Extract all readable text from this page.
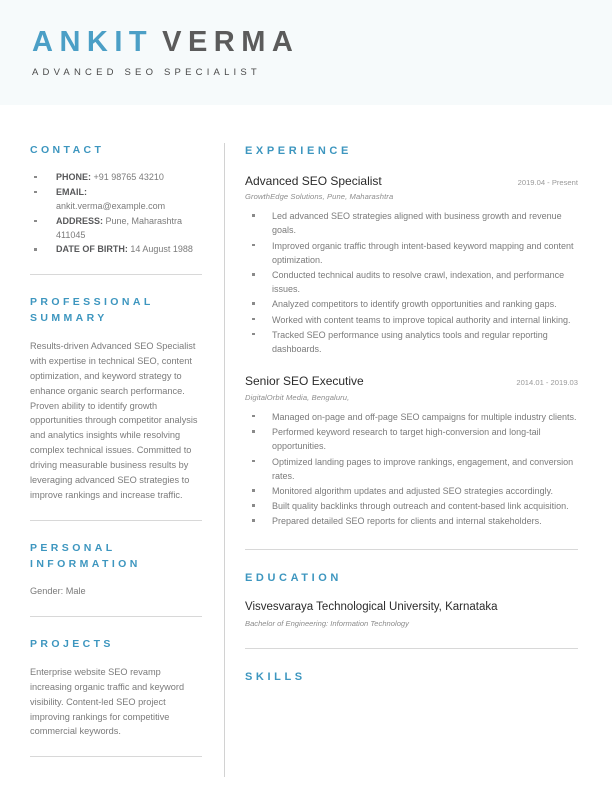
ANKIT VERMA
ADVANCED SEO SPECIALIST
CONTACT
PHONE: +91 98765 43210
EMAIL:
ankit.verma@example.com
ADDRESS: Pune, Maharashtra 411045
DATE OF BIRTH: 14 August 1988
PROFESSIONAL SUMMARY

Results-driven Advanced SEO Specialist with expertise in technical SEO, content optimization, and keyword strategy to enhance organic search performance. Proven ability to identify growth opportunities through competitor analysis and analytics insights while resolving complex technical issues. Committed to driving measurable business results by leveraging advanced SEO strategies to improve rankings and increase traffic.

PERSONAL INFORMATION

Gender: Male

PROJECTS

Enterprise website SEO revamp increasing organic traffic and keyword visibility. Content-led SEO project improving rankings for competitive commercial keywords.

EXPERIENCE
Advanced SEO Specialist	2019.04 - Present
GrowthEdge Solutions, Pune, Maharashtra
Led advanced SEO strategies aligned with business growth and revenue goals.
Improved organic traffic through intent-based keyword mapping and content optimization.
Conducted technical audits to resolve crawl, indexation, and performance issues.
Analyzed competitors to identify growth opportunities and ranking gaps.
Worked with content teams to improve topical authority and internal linking.
Tracked SEO performance using analytics tools and regular reporting dashboards.
Senior SEO Executive	2014.01 - 2019.03
DigitalOrbit Media, Bengaluru,
Managed on-page and off-page SEO campaigns for multiple industry clients.
Performed keyword research to target high-conversion and long-tail opportunities.
Optimized landing pages to improve rankings, engagement, and conversion rates.
Monitored algorithm updates and adjusted SEO strategies accordingly.
Built quality backlinks through outreach and content-based link acquisition.
Prepared detailed SEO reports for clients and internal stakeholders.
EDUCATION
Visvesvaraya Technological University, Karnataka
Bachelor of Engineering: Information Technology
SKILLS
